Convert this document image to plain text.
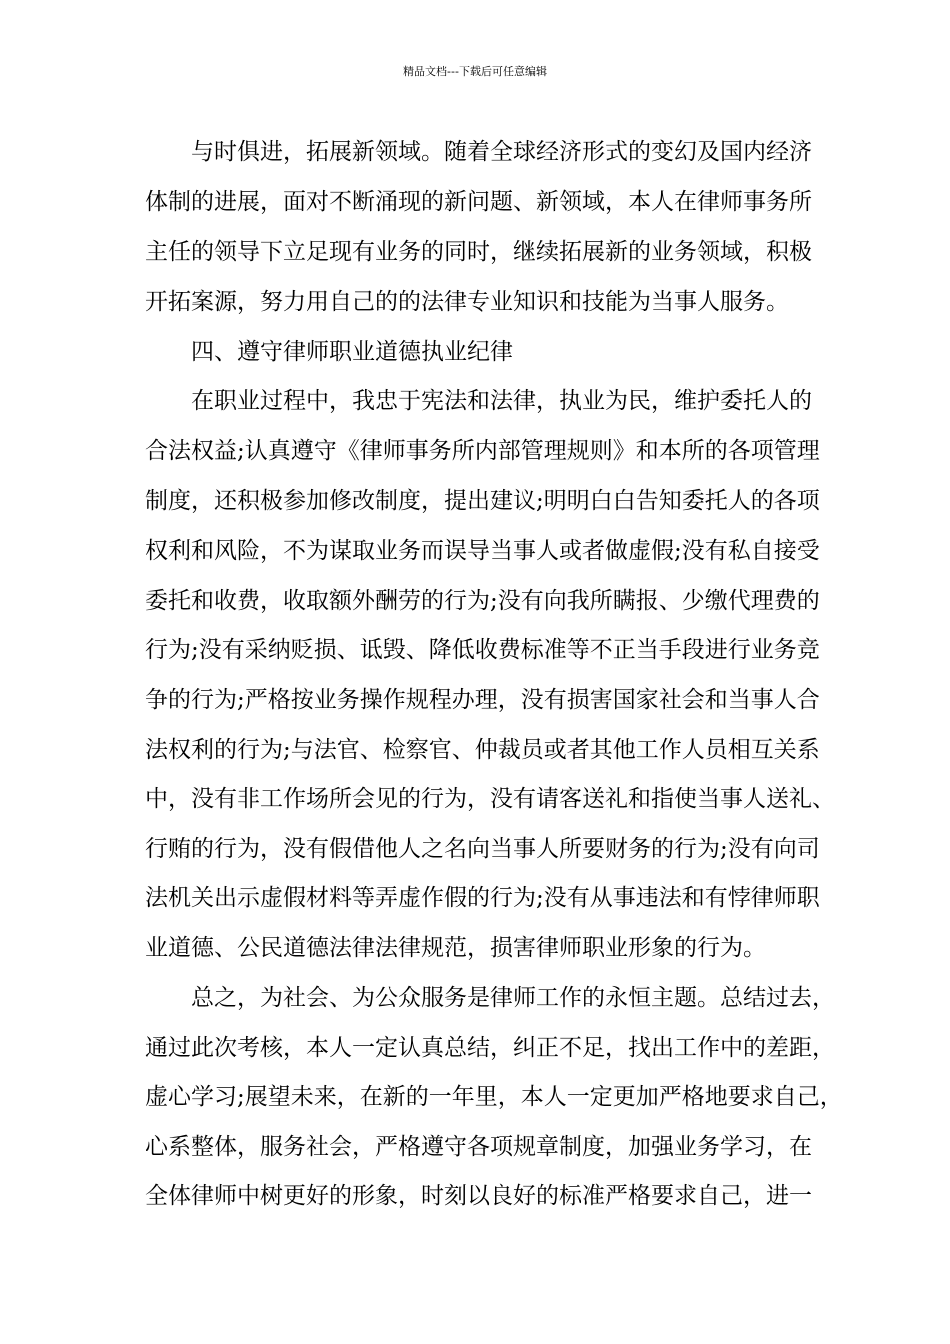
精品文档---下载后可任意编辑
与时俱进，拓展新领域。随着全球经济形式的变幻及国内经济
体制的进展，面对不断涌现的新问题、新领域，本人在律师事务所
主任的领导下立足现有业务的同时，继续拓展新的业务领域，积极
开拓案源，努力用自己的的法律专业知识和技能为当事人服务。
四、遵守律师职业道德执业纪律
在职业过程中，我忠于宪法和法律，执业为民，维护委托人的
合法权益;认真遵守《律师事务所内部管理规则》和本所的各项管理
制度，还积极参加修改制度，提出建议;明明白白告知委托人的各项
权利和风险，不为谋取业务而误导当事人或者做虚假;没有私自接受
委托和收费，收取额外酬劳的行为;没有向我所瞒报、少缴代理费的
行为;没有采纳贬损、诋毁、降低收费标准等不正当手段进行业务竞
争的行为;严格按业务操作规程办理，没有损害国家社会和当事人合
法权利的行为;与法官、检察官、仲裁员或者其他工作人员相互关系
中，没有非工作场所会见的行为，没有请客送礼和指使当事人送礼、
行贿的行为，没有假借他人之名向当事人所要财务的行为;没有向司
法机关出示虚假材料等弄虚作假的行为;没有从事违法和有悖律师职
业道德、公民道德法律法律规范，损害律师职业形象的行为。
总之，为社会、为公众服务是律师工作的永恒主题。总结过去，
通过此次考核，本人一定认真总结，纠正不足，找出工作中的差距，
虚心学习;展望未来，在新的一年里，本人一定更加严格地要求自己，
心系整体，服务社会，严格遵守各项规章制度，加强业务学习，在
全体律师中树更好的形象，时刻以良好的标准严格要求自己，进一
